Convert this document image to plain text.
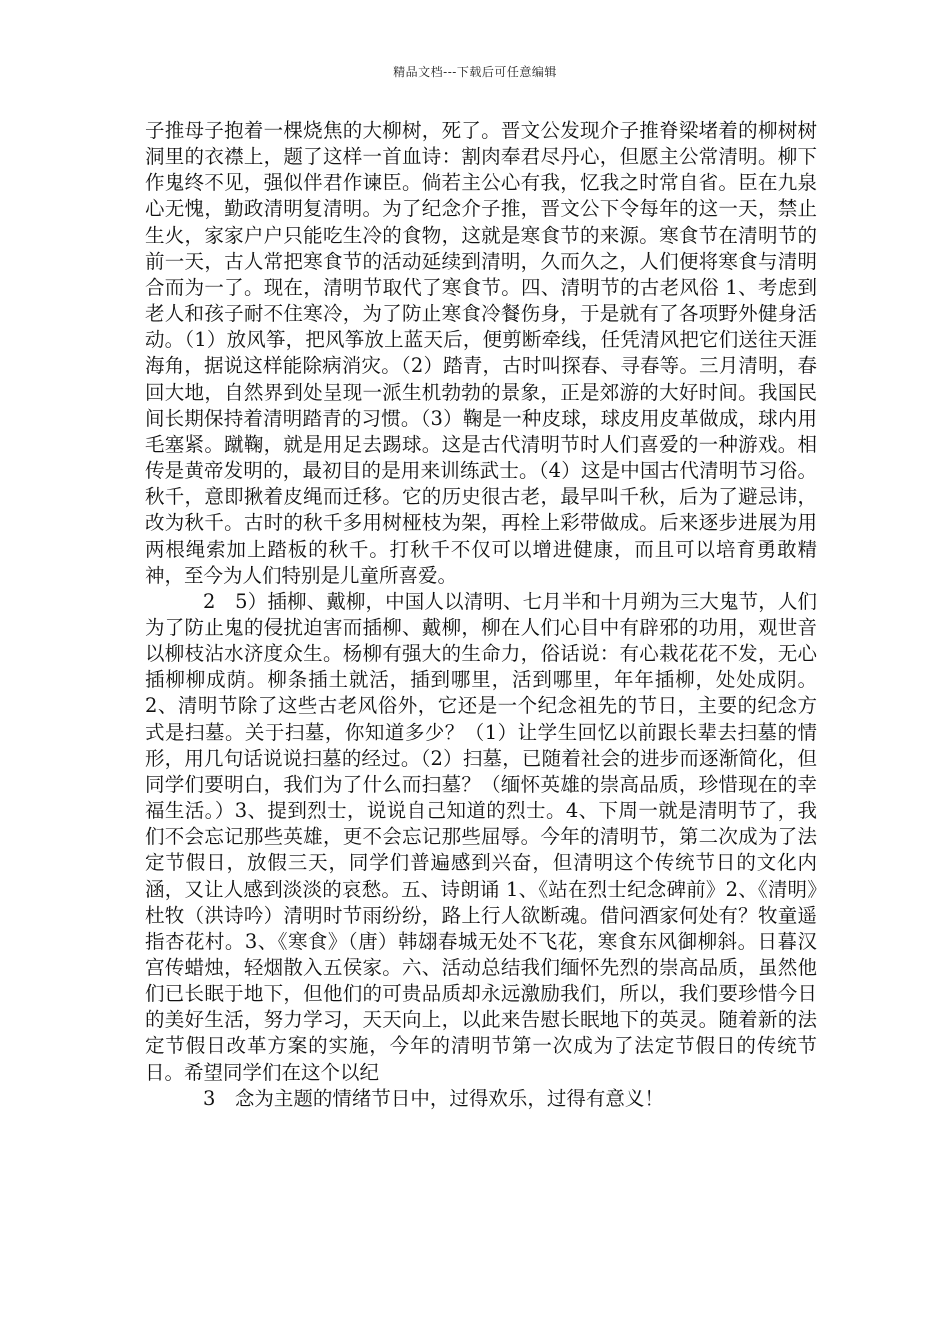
精品文档---下载后可任意编辑

子推母子抱着一棵烧焦的大柳树，死了。晋文公发现介子推脊梁堵着的柳树树洞里的衣襟上，题了这样一首血诗：割肉奉君尽丹心，但愿主公常清明。柳下作鬼终不见，强似伴君作谏臣。倘若主公心有我，忆我之时常自省。臣在九泉心无愧，勤政清明复清明。为了纪念介子推，晋文公下令每年的这一天，禁止生火，家家户户只能吃生冷的食物，这就是寒食节的来源。寒食节在清明节的前一天，古人常把寒食节的活动延续到清明，久而久之，人们便将寒食与清明合而为一了。现在，清明节取代了寒食节。四、清明节的古老风俗 1、考虑到老人和孩子耐不住寒冷，为了防止寒食冷餐伤身，于是就有了各项野外健身活动。（1）放风筝，把风筝放上蓝天后，便剪断牵线，任凭清风把它们送往天涯海角，据说这样能除病消灾。（2）踏青，古时叫探春、寻春等。三月清明，春回大地，自然界到处呈现一派生机勃勃的景象，正是郊游的大好时间。我国民间长期保持着清明踏青的习惯。（3）鞠是一种皮球，球皮用皮革做成，球内用毛塞紧。蹴鞠，就是用足去踢球。这是古代清明节时人们喜爱的一种游戏。相传是黄帝发明的，最初目的是用来训练武士。（4）这是中国古代清明节习俗。秋千，意即揪着皮绳而迁移。它的历史很古老，最早叫千秋，后为了避忌讳，改为秋千。古时的秋千多用树桠枝为架，再栓上彩带做成。后来逐步进展为用两根绳索加上踏板的秋千。打秋千不仅可以增进健康，而且可以培育勇敢精神，至今为人们特别是儿童所喜爱。

2　5）插柳、戴柳，中国人以清明、七月半和十月朔为三大鬼节，人们为了防止鬼的侵扰迫害而插柳、戴柳，柳在人们心目中有辟邪的功用，观世音以柳枝沾水济度众生。杨柳有强大的生命力，俗话说：有心栽花花不发，无心插柳柳成荫。柳条插土就活，插到哪里，活到哪里，年年插柳，处处成阴。2、清明节除了这些古老风俗外，它还是一个纪念祖先的节日，主要的纪念方式是扫墓。关于扫墓，你知道多少？（1）让学生回忆以前跟长辈去扫墓的情形，用几句话说说扫墓的经过。（2）扫墓，已随着社会的进步而逐渐简化，但同学们要明白，我们为了什么而扫墓？（缅怀英雄的崇高品质，珍惜现在的幸福生活。）3、提到烈士，说说自己知道的烈士。4、下周一就是清明节了，我们不会忘记那些英雄，更不会忘记那些屈辱。今年的清明节，第二次成为了法定节假日，放假三天，同学们普遍感到兴奋，但清明这个传统节日的文化内涵，又让人感到淡淡的哀愁。五、诗朗诵 1、《站在烈士纪念碑前》2、《清明》杜牧（洪诗吟）清明时节雨纷纷，路上行人欲断魂。借问酒家何处有？牧童遥指杏花村。3、《寒食》（唐）韩翃春城无处不飞花，寒食东风御柳斜。日暮汉宫传蜡烛，轻烟散入五侯家。六、活动总结我们缅怀先烈的崇高品质，虽然他们已长眠于地下，但他们的可贵品质却永远激励我们，所以，我们要珍惜今日的美好生活，努力学习，天天向上，以此来告慰长眠地下的英灵。随着新的法定节假日改革方案的实施，今年的清明节第一次成为了法定节假日的传统节日。希望同学们在这个以纪

3　念为主题的情绪节日中，过得欢乐，过得有意义！
